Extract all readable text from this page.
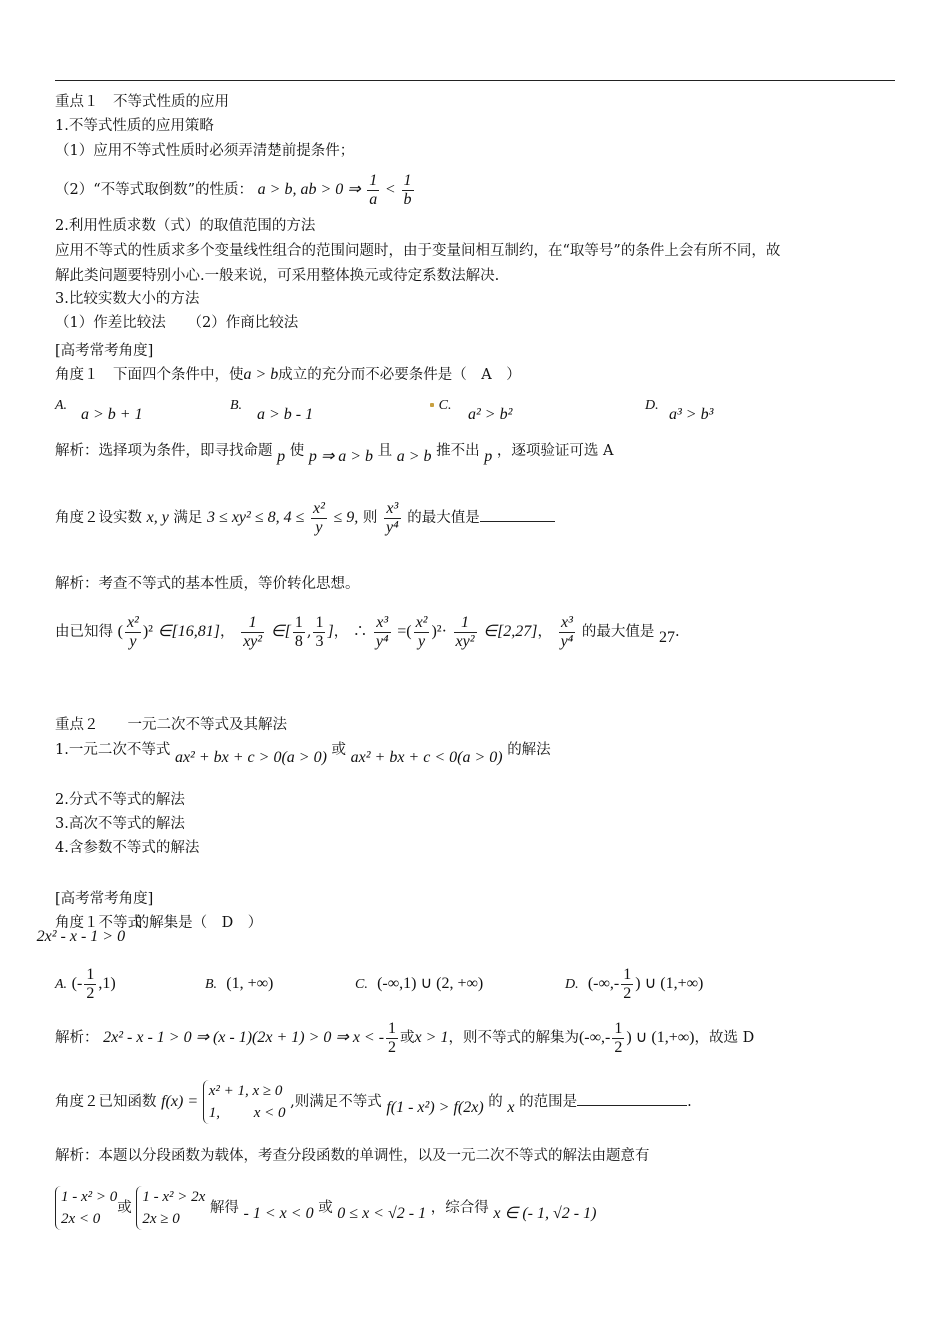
重点１　不等式性质的应用
1.不等式性质的应用策略
（1）应用不等式性质时必须弄清楚前提条件；
（2）“不等式取倒数”的性质： a > b, ab > 0 ⇒ $\frac{1}{a} < \frac{1}{b}$
2.利用性质求数（式）的取值范围的方法
应用不等式的性质求多个变量线性组合的范围问题时，由于变量间相互制约，在“取等号”的条件上会有所不同，故
解此类问题要特别小心.一般来说，可采用整体换元或待定系数法解决.
3.比较实数大小的方法
（1）作差比较法　　（2）作商比较法
[高考常考角度]
角度１　下面四个条件中，使a > b成立的充分而不必要条件是（　A　）
A.
a > b + 1
B.
a > b - 1
C.
a² > b²
D.
a³ > b³
解析：选择项为条件，即寻找命题 p 使 p ⇒ a > b 且 a > b 推不出 p ，逐项验证可选 A
角度２设实数 x, y 满足 3 ≤ xy² ≤ 8, $4 \le \frac{\text{x²}}{y} \le 9$, 则 $\frac{\text{x³}}{\text{y⁴}}$ 的最大值是
解析：考查不等式的基本性质，等价转化思想。
由已知得 ( $\frac{\text{x²}}{y} )^2$ ∈[16,81]， $\frac{1}{\text{xy²}}$ ∈[ $\frac{1}{8}$ , $\frac{1}{3}$ ]， ∴ $\frac{\text{x³}}{\text{y⁴}}$ =( $\frac{\text{x²}}{y} )^2\cdot \frac{1}{\text{xy²}}$ ∈[2,27]， $\frac{\text{x³}}{\text{y⁴}}$ 的最大值是 27.
重点２　　一元二次不等式及其解法
1.一元二次不等式 ax² + bx + c > 0(a > 0) 或 ax² + bx + c < 0(a > 0) 的解法
2.分式不等式的解法
3.高次不等式的解法
4.含参数不等式的解法
[高考常考角度]
角度１不等式 2x² - x - 1 > 0 的解集是（　D　）
A. (- $\frac{1}{2} ,1$)	B. (1, +∞)	C. (-∞,1) ∪ (2, +∞)	D. (-∞,- $\frac{1}{2}$ ) ∪ (1,+∞)
解析： 2x² - x - 1 > 0 ⇒ (x - 1)(2x + 1) > 0 ⇒ x < - $\frac{1}{2}$ 或x > 1，则不等式的解集为(-∞,- $\frac{1}{2}$ ) ∪ (1,+∞)，故选 D
角度２已知函数 f(x) =
x² + 1, x ≥ 0
1,　　 x < 0
,则满足不等式 f(1 - x²) > f(2x) 的 x 的范围是	.
解析：本题以分段函数为载体，考查分段函数的单调性，以及一元二次不等式的解法由题意有
1 - x² > 0
2x < 0
或
1 - x² > 2x
2x ≥ 0
解得 - 1 < x < 0 或 0 ≤ x < √2 - 1 ，综合得 x ∈ (- 1, √2 - 1)
